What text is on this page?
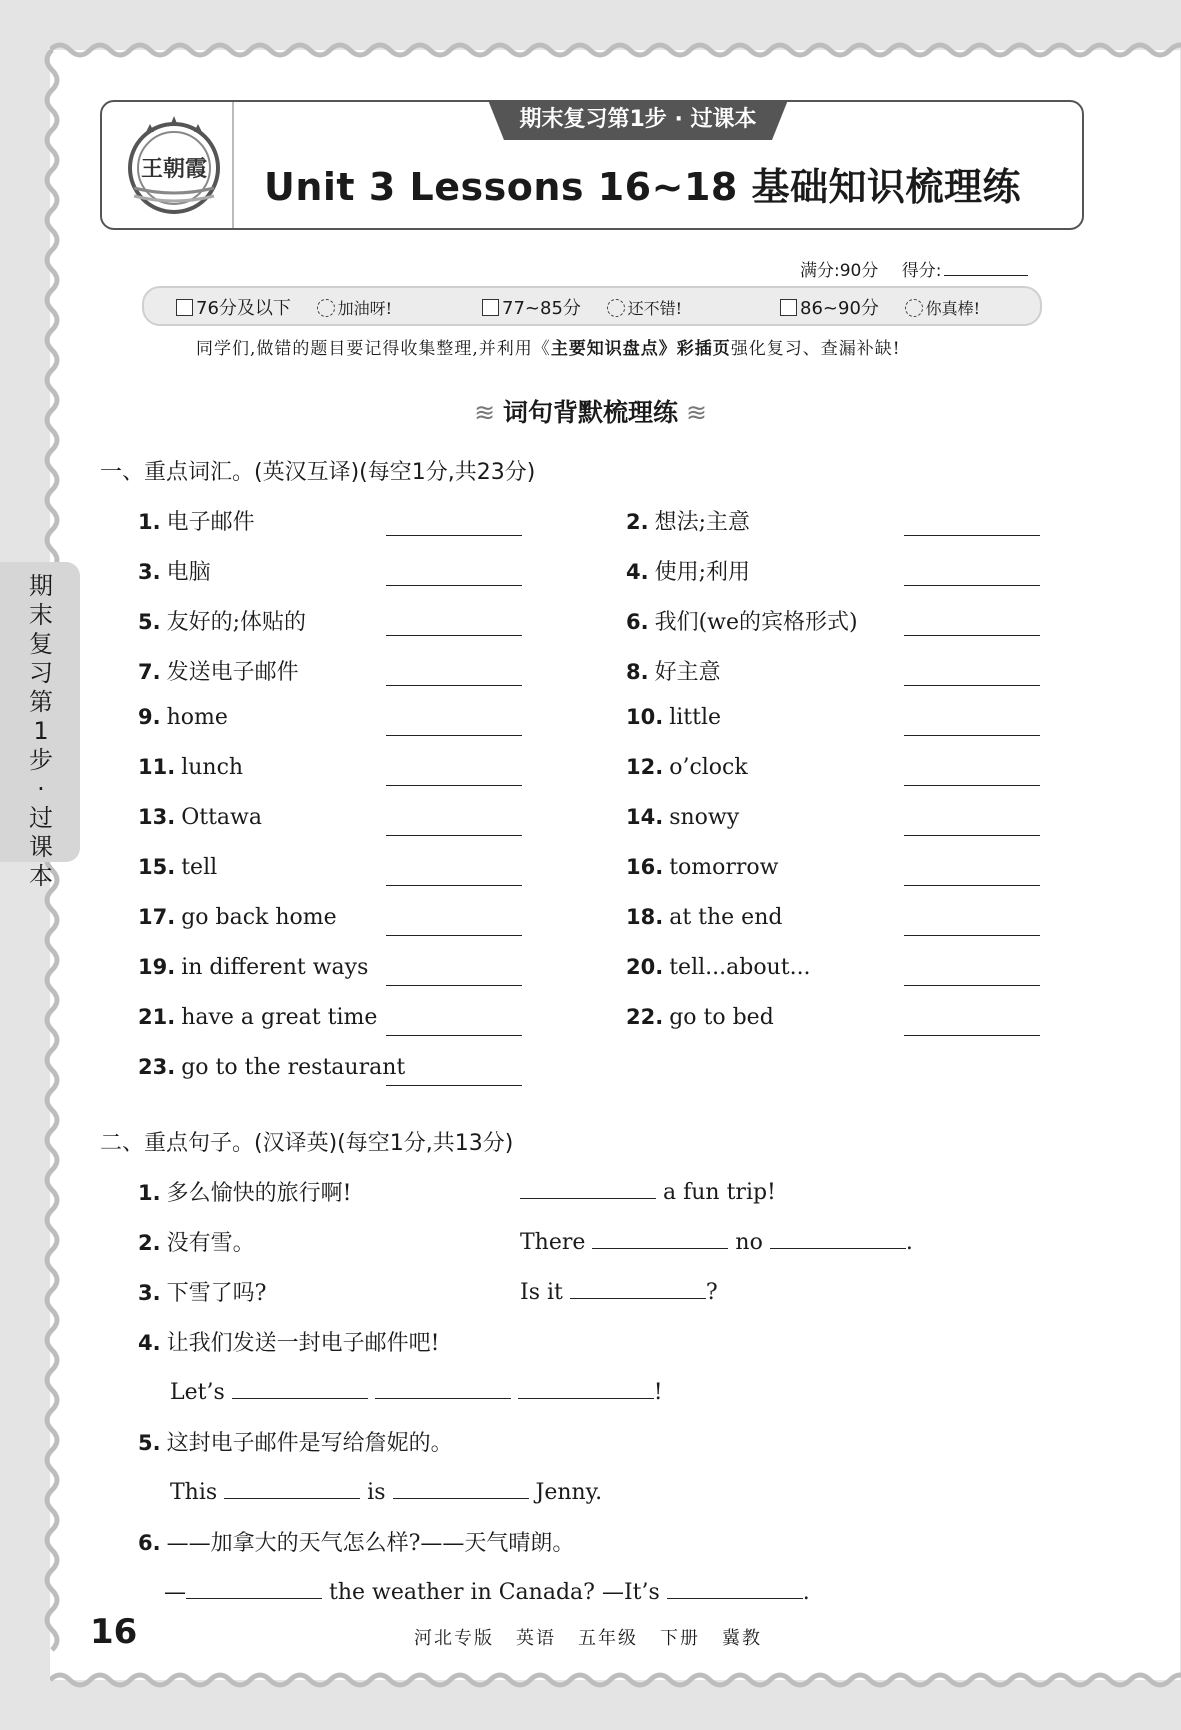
王朝霞
期末复习第1步 · 过课本
Unit 3 Lessons 16~18 基础知识梳理练
满分:90分 得分:
76分及以下	加油呀!	77~85分	还不错!	86~90分	你真棒!
同学们,做错的题目要记得收集整理,并利用《主要知识盘点》彩插页强化复习、查漏补缺!
≋ 词句背默梳理练 ≋
一、重点词汇。(英汉互译)(每空1分,共23分)
1. 电子邮件	2. 想法;主意
3. 电脑	4. 使用;利用
5. 友好的;体贴的	6. 我们(we的宾格形式)
7. 发送电子邮件	8. 好主意
9. home	10. little
11. lunch	12. o’clock
13. Ottawa	14. snowy
15. tell	16. tomorrow
17. go back home	18. at the end
19. in different ways	20. tell...about...
21. have a great time	22. go to bed
23. go to the restaurant
二、重点句子。(汉译英)(每空1分,共13分)
1. 多么愉快的旅行啊!	a fun trip!
2. 没有雪。	There	no	.
3. 下雪了吗?	Is it	?
4. 让我们发送一封电子邮件吧!
Let’s	!
5. 这封电子邮件是写给詹妮的。
This	is	Jenny.
6. ——加拿大的天气怎么样?——天气晴朗。
—	the weather in Canada? —It’s	.
期末复习第1步·过课本
16	河北专版 英语 五年级 下册 冀教
